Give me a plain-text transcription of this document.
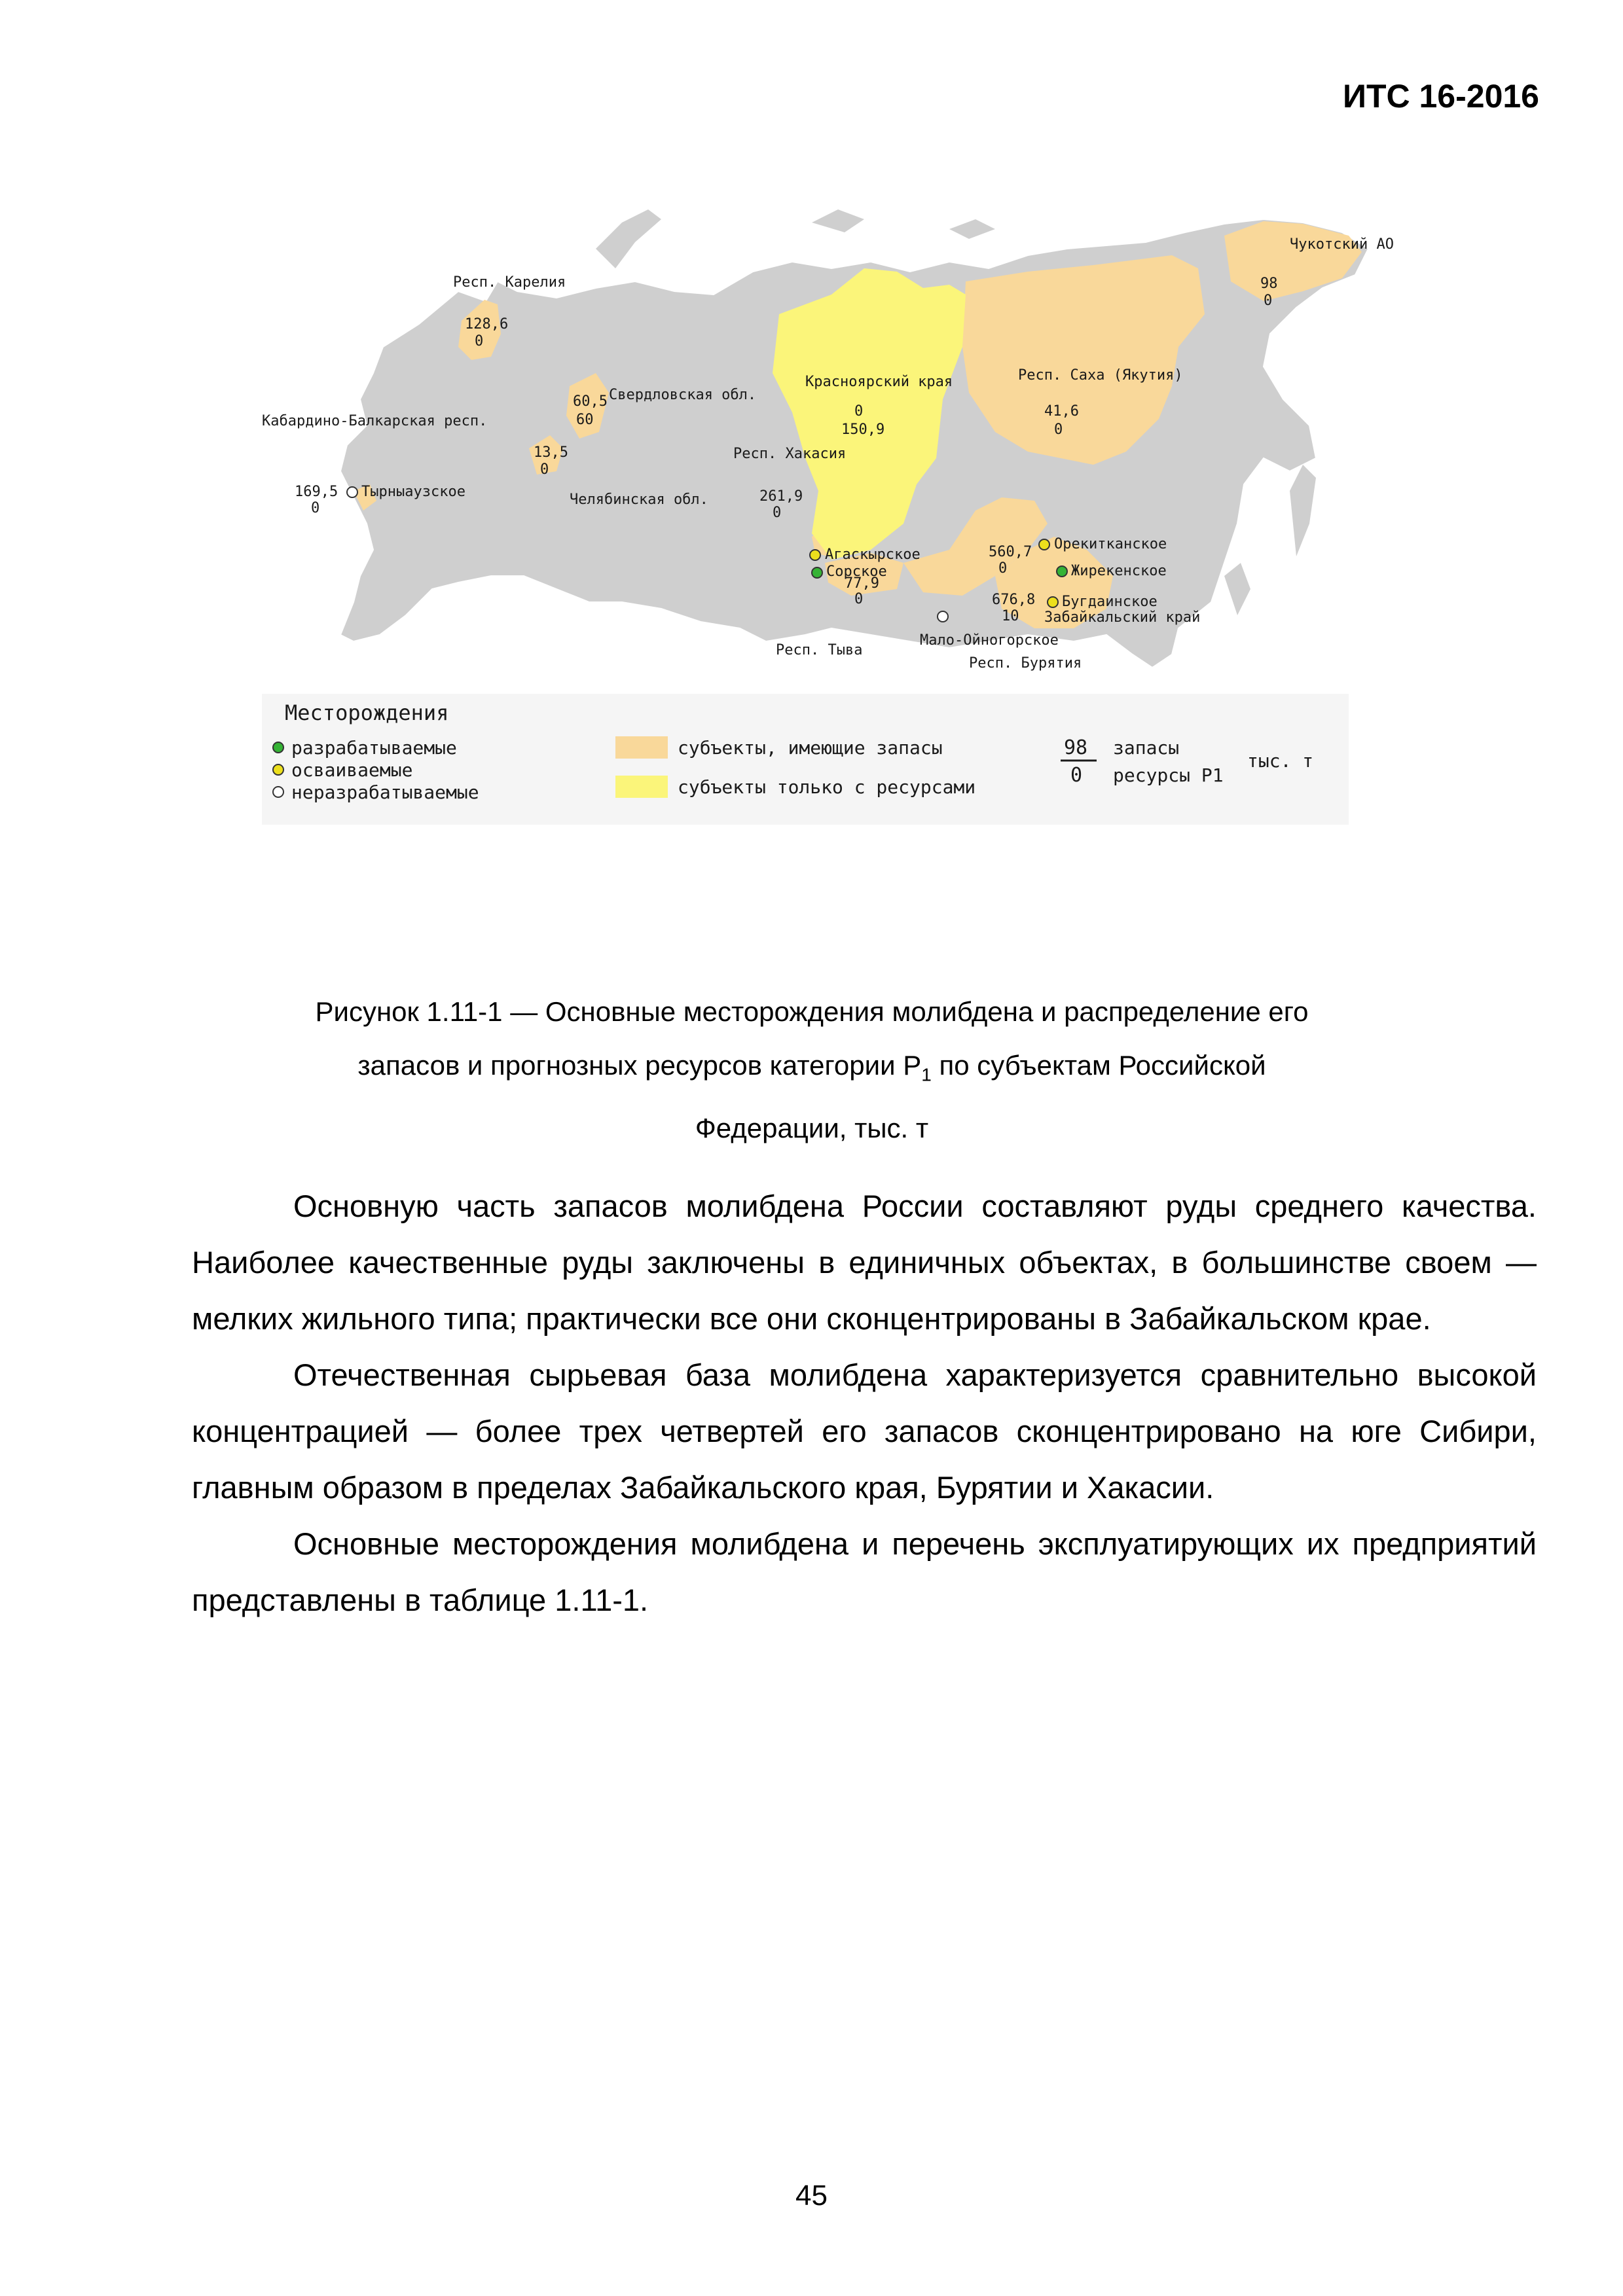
ИТС 16-2016
Респ. Карелия
128,6
0
Свердловская обл.
60,5
60
13,5
0
Челябинская обл.
Кабардино-Балкарская респ.
169,5
0
Красноярский края
0
150,9
Респ. Саха (Якутия)
41,6
0
Чукотский АО
98
0
Респ. Хакасия
261,9
0
77,9
0
Респ. Тыва
560,7
0
Респ. Бурятия
676,8
10 Забайкальский край
Тырныаузское
Агаскырское
Сорское
Мало-Ойногорское
Орекитканское
Жирекенское
Бугдаинское
Месторождения
разрабатываемые
осваиваемые
неразрабатываемые
субъекты, имеющие запасы
субъекты только с ресурсами
98
0
запасы
ресурсы Р1
тыс. т
Рисунок 1.11-1 — Основные месторождения молибдена и распределение его
запасов и прогнозных ресурсов категории $Р_1$ по субъектам Российской
Федерации, тыс. т

Основную часть запасов молибдена России составляют руды среднего качества. Наиболее качественные руды заключены в единичных объектах, в большинстве своем — мелких жильного типа; практически все они сконцентрированы в Забайкальском крае.

Отечественная сырьевая база молибдена характеризуется сравнительно высокой концентрацией — более трех четвертей его запасов сконцентрировано на юге Сибири, главным образом в пределах Забайкальского края, Бурятии и Хакасии.

Основные месторождения молибдена и перечень эксплуатирующих их предприятий представлены в таблице 1.11-1.

45
